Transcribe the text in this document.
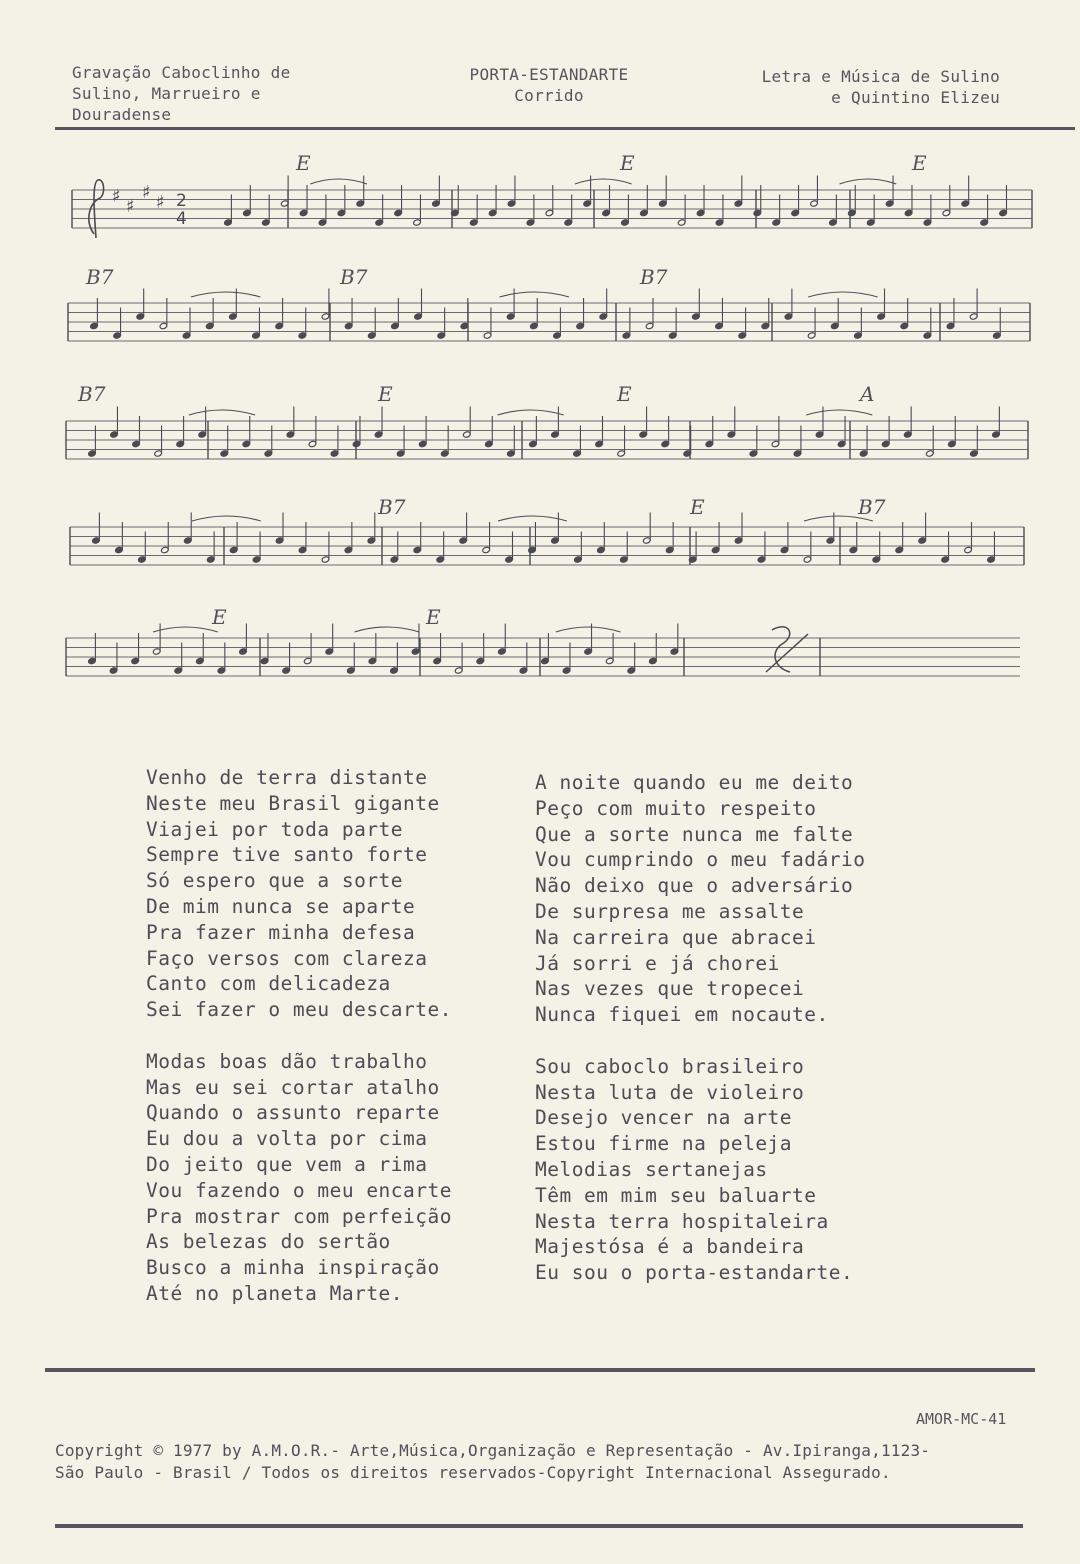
Gravação Caboclinho de
Sulino, Marrueiro e
Douradense
PORTA-ESTANDARTE
Corrido
Letra e Música de Sulino
e Quintino Elizeu
♯ ♯
♯ ♯ 2
4
E	E	E
B7	B7	B7
B7	E	E	A
B7	E	B7
E	E
Venho de terra distante
Neste meu Brasil gigante
Viajei por toda parte
Sempre tive santo forte
Só espero que a sorte
De mim nunca se aparte
Pra fazer minha defesa
Faço versos com clareza
Canto com delicadeza
Sei fazer o meu descarte.
Modas boas dão trabalho
Mas eu sei cortar atalho
Quando o assunto reparte
Eu dou a volta por cima
Do jeito que vem a rima
Vou fazendo o meu encarte
Pra mostrar com perfeição
As belezas do sertão
Busco a minha inspiração
Até no planeta Marte.
A noite quando eu me deito
Peço com muito respeito
Que a sorte nunca me falte
Vou cumprindo o meu fadário
Não deixo que o adversário
De surpresa me assalte
Na carreira que abracei
Já sorri e já chorei
Nas vezes que tropecei
Nunca fiquei em nocaute.
Sou caboclo brasileiro
Nesta luta de violeiro
Desejo vencer na arte
Estou firme na peleja
Melodias sertanejas
Têm em mim seu baluarte
Nesta terra hospitaleira
Majestósa é a bandeira
Eu sou o porta-estandarte.
AMOR-MC-41
Copyright © 1977 by A.M.O.R.- Arte,Música,Organização e Representação - Av.Ipiranga,1123-
São Paulo - Brasil / Todos os direitos reservados-Copyright Internacional Assegurado.
